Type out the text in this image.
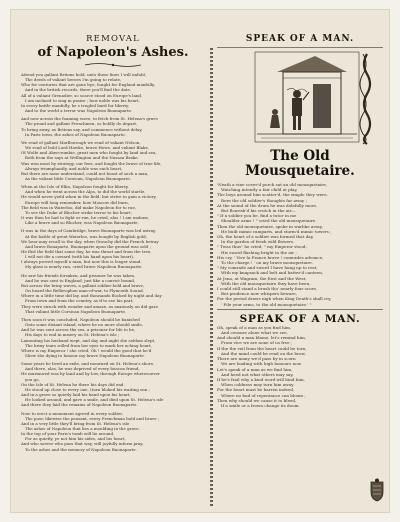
REMOVAL
of Napoleon's Ashes.
Attend you gallant Britons bold, unto these lines I will unfold,
The deeds of valiant heroes I'm going to relate,
Who for centuries that are gone bye, fought for England manfully,
And in the british records, there you'll find the date.
All of a valiant Grenadier, so scarce stood on Europe's land,
I am inclined to sing in praise ; how noble was his heart,
In every battle manfully, he s trugled hard for liberty,
And to the world a terror was Napoleon Buonaparte.
And now across the foaming wave, to fetch from St. Helena's grave
The proud and gallant Frenchmen, so boldly do depart,
To bring away, as Britons say, and commence without delay,
In Paris town, the ashes of Napoleon Buonaparte.
We read of gallant Marlborough we read of valiant Nelson,
We read of bold Lord Hawke, brave Howe, and valiant Blake,
Of Wolfe and Abercrombie, great men who fought by land and sea,
Both from the says at Wellington and the Nassau Brake.
Was won most by strategy, our fees, and fought the brave of true life,
Always triumphantly, and noble was each heart,
But there are none understand, could not boast of such a man,
As the valiant little Corsican, Napoleon Buonaparte.
When at the Isle of Elba, Napoleon fought for liberty,
And when he went across the Alps, to did the world startle,
He would never yield when in the field, but strive to gain a victory,
Europe will long remember, how Moscow did burn,
The field was in Waterloo, did make Napoleon for to rue,
To see the Duke of Blucher strike terror to his heart,
It was then he had to fight or run, he cried, alas ! I am undone,
Like a brave and so Blucher, was Napoleon Buonaparte.
It was in the days of Cambridge, brave Buonaparte was led astray,
At the battle of great Waterloo, was bought by English gold,
We hear may recall to the day, when Grouchy did the French betray
And brave Bonaparte, Buonaparte upon the ground was sold ;
He fled the field that same day, he was thrust and from the tree,
I will not die a coward (with his hand upon his heart),
I always proved myself a man, but now this is longer stand.
My glass is nearly run, cried brave Napoleon Buonaparte.
He saw his friends forsaken, and prisoner he was taken,
And he was sent to England, just like a convict bound,
But across the briny waves, a gallant soldier bold and brave,
On board the Bellerophon man-of-war, to Plymouth Sound.
Where in a little time did lay, and thousands flocked by night and day
From town and from the country, as if to see his part,
They were struck with wonder and amaze, as anxiously on did gaze
That valiant little Corsican Napoleon Buonaparte.
Then soon it was concluded, Napoleon should be banished
Onto some distant island, where he no more should smile,
And he was sent across the sea, a prisoner for life to be,
His days to end in misery on St. Helena's isle ;
Lamenting his husband wept, and day and night she seldom slept,
The briny tears rolled from her eyes to mark her aching heart,
Where is my Emperor ! she cried, Oh ! would the good that he'd
Shew she dying to honour my brave Napoleon Buonaparte.
Some years he lived an exile, and mourned on St. Helena's shore,
And there, alas, he was deprived of every beacon friend,
He murmured was by land and by low, through Europe wheresoever
you go,
On the Isle of St. Helena he there his days did end.
He stood up close to every one, (turn bloked his waiting sun ;
And in a grave so quietly laid his hand upon his heart,
He looked around, and gave a smile, and died upon St. Helena's isle
And there they laid the remains of Napoleon Buonaparte.
Now to erect a monument agreed in every soldier,
The poor, likewise the peasant, every Frenchman bold and brave ;
And in a very little they'll bring from St. Helena's isle
The ashes of Napoleon that lies a moulding in the grave.
In the top of your Paris's tomb will lie around,
For as quietly, ye not him his sides, and his heart,
And who soever who pass that way, will joyfully inform pray,
To the ashes and the memory of Napoleon Buonaparte.
SPEAK OF A MAN.
The Old Mousquetaire.
'Neath a vine cover'd porch sat an old mousquetaire,
Watching intently a fair child at play,
The boys around him scatter'd, the simple they were,
Bore the old soldier's thoughts far away ;
At the sound of the drum he was dolefully more,
But flourish'd his crutch in the air—
" If a soldier you be, find a tutor in me
Shoulder arms ! " cried the old mousquetaire.
Then the old mousquetaire, spoke in warlike array,
He built mimic ramparts, and storm'd mimic towers ;
Oh, the heart of a soldier was formed that day,
In the garden of fresh wild flowers.
" Twas thus" he cried, " my Emperor stood,
His sword flashing bright in the air ;
His cry, ' Vive la France brave ! comrades advance,
To the charge ! ' on my brave mousquetaire.
" My comrade and sword I have hung up to rest,
With my knapsack and belt and batter'd canteen,
At Jena, at Wagram, the Eest and the West,
With the old mousquetaire they have been,
I could still stand a brush tho' nearly four score,
But prudence now whispers beware,
For the period draws nigh when King Death's shall cry,
' File your arms, to the old mousquetaire.' "
SPEAK OF A MAN.
Oh, speak of a man as you find him,
And censure alone what we see,
And should a man blame, let's remind him,
From vice we are none of us free ;
If the the veil from the heart could be torn,
And the mind could be read on the brow,
There are many we'd pass by in scorn
We are loading with high honours now.
Let's speak of a man as we find him,
And heed not what others may say,
If he's frail why a kind word will bind him,
When coldness may turn him away.
For the heart must be barren indeed,
Where no bud of repentance can bloom ;
Then why should we cause it to bleed,
If a smile or a frown change its doom.
